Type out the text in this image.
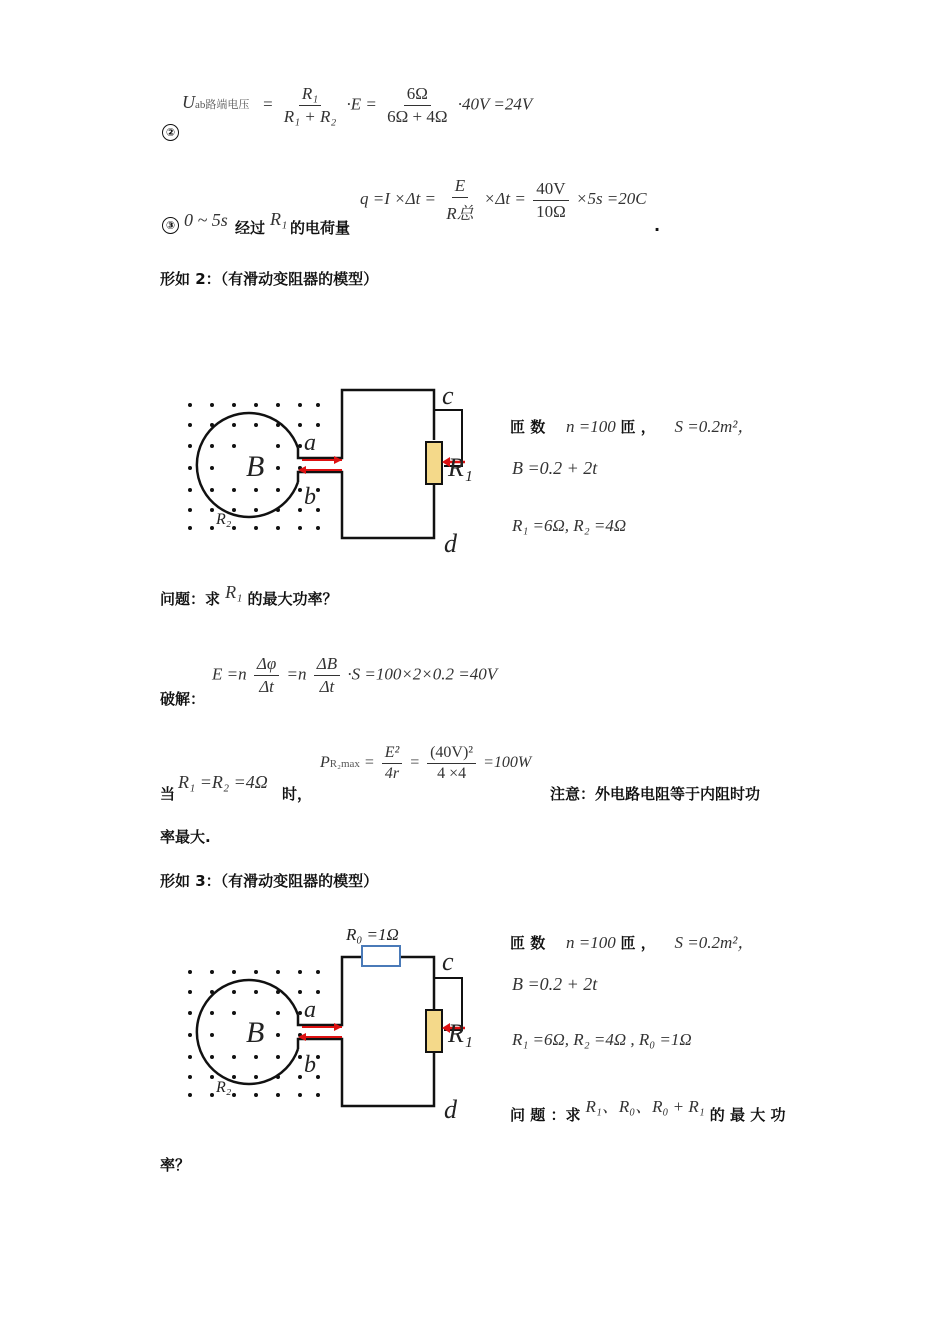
②
Uab路端电压 = $\frac{\text{R₁}}{\text{R₁ + R₂}} \cdot E = \frac{6\Omega}{6\Omega + 4\Omega} \cdot 40V =24V$
③ 0 ~ 5s 经过 R₁ 的电荷量
$q =I \times\Delta t = \frac{E}{\text{R总}} \times\Delta t = \frac{40V}{10\Omega} \times 5s =20C$
.
形如 2：（有滑动变阻器的模型）
B
a
b
c
d
R₁
R₂
匝 数 n =100 匝 ， S =0.2m²，
B =0.2 + 2t
R₁ =6Ω, R₂ =4Ω
问题：求 R₁ 的最大功率？
破解：
$E =n \frac{\Delta\varphi}{\Delta t} =n \frac{\Delta B}{\Delta t} \cdot S =100\times 2\times 0.2 =40V$
当
R₁ =R₂ =4Ω
时，
$PR_2\max = \frac{\text{E²}}{4r} = \frac{\text{(40V)²}}{4 \times 4} =100W$
注意：外电路电阻等于内阻时功
率最大.
形如 3：（有滑动变阻器的模型）
R₀ =1Ω
B
a
b
c
d
R₁
R₂
匝 数 n =100 匝 ， S =0.2m²，
B =0.2 + 2t
R₁ =6Ω, R₂ =4Ω , R₀ =1Ω
问 题 ：求 R₁、R₀、R₀ + R₁ 的 最 大 功
率？
